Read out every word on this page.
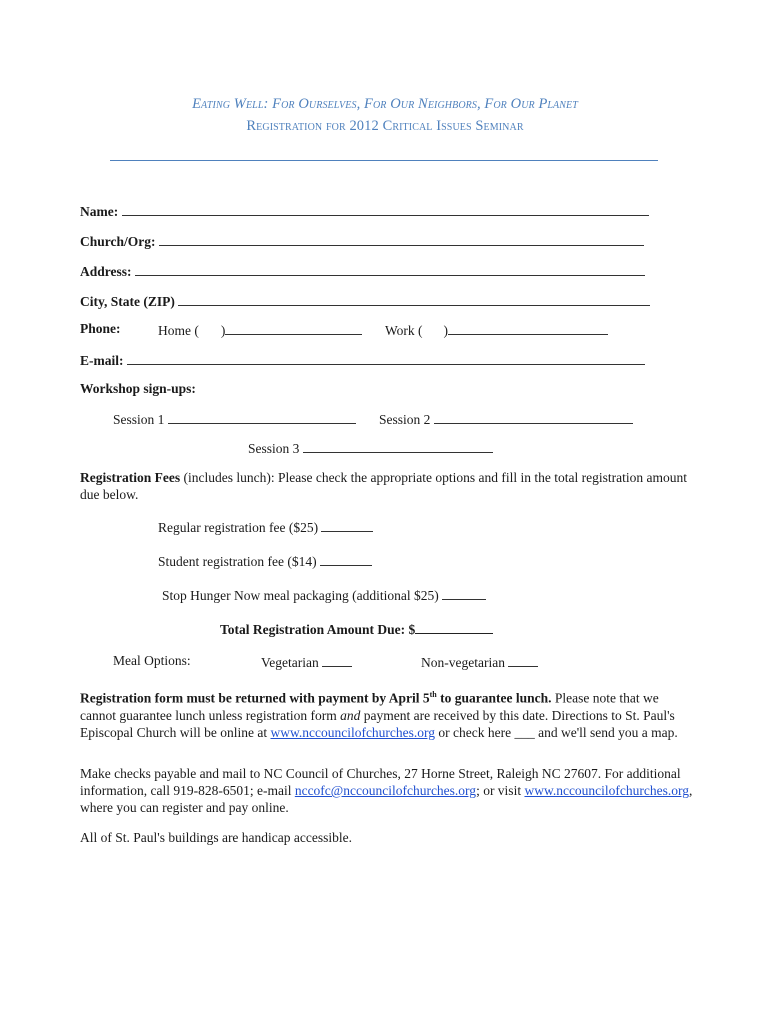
Eating Well: For Ourselves, For Our Neighbors, For Our Planet
Registration for 2012 Critical Issues Seminar
Name:
Church/Org:
Address:
City, State (ZIP)
Phone:	Home ( )	Work ( )
E-mail:
Workshop sign-ups:
Session 1	Session 2
Session 3
Registration Fees (includes lunch): Please check the appropriate options and fill in the total registration amount due below.
Regular registration fee ($25)
Student registration fee ($14)
Stop Hunger Now meal packaging (additional $25)
Total Registration Amount Due: $
Meal Options:	Vegetarian	Non-vegetarian
Registration form must be returned with payment by April 5th to guarantee lunch. Please note that we cannot guarantee lunch unless registration form and payment are received by this date. Directions to St. Paul's Episcopal Church will be online at www.nccouncilofchurches.org or check here ___ and we'll send you a map.
Make checks payable and mail to NC Council of Churches, 27 Horne Street, Raleigh NC 27607. For additional information, call 919-828-6501; e-mail nccofc@nccouncilofchurches.org; or visit www.nccouncilofchurches.org, where you can register and pay online.
All of St. Paul's buildings are handicap accessible.
